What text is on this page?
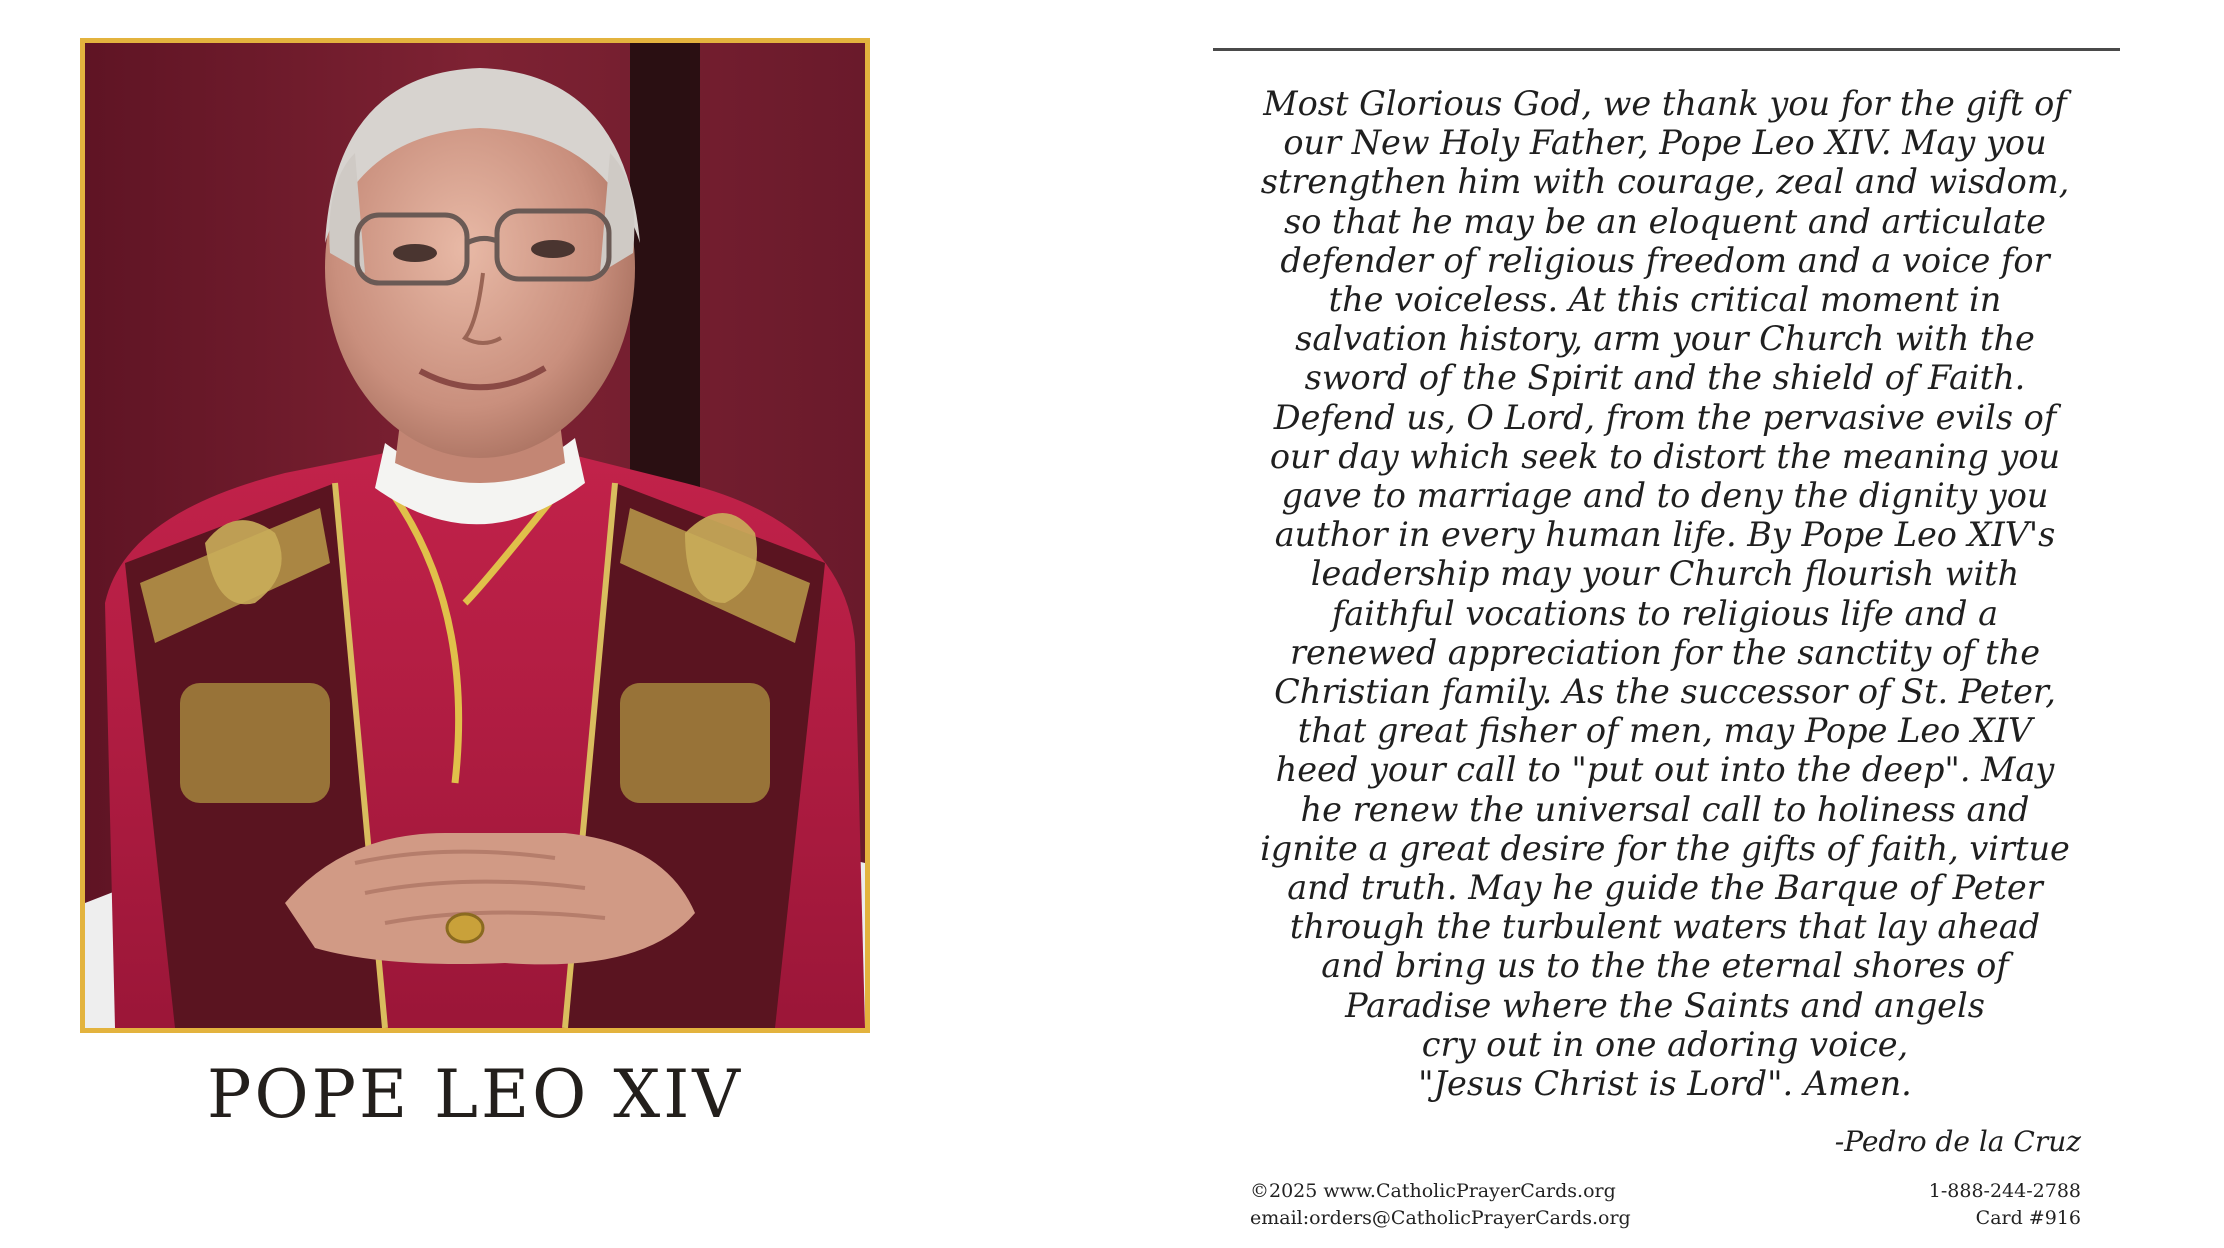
POPE LEO XIV
Most Glorious God, we thank you for the gift of
our New Holy Father, Pope Leo XIV. May you
strengthen him with courage, zeal and wisdom,
so that he may be an eloquent and articulate
defender of religious freedom and a voice for
the voiceless. At this critical moment in
salvation history, arm your Church with the
sword of the Spirit and the shield of Faith.
Defend us, O Lord, from the pervasive evils of
our day which seek to distort the meaning you
gave to marriage and to deny the dignity you
author in every human life. By Pope Leo XIV's
leadership may your Church flourish with
faithful vocations to religious life and a
renewed appreciation for the sanctity of the
Christian family. As the successor of St. Peter,
that great fisher of men, may Pope Leo XIV
heed your call to "put out into the deep". May
he renew the universal call to holiness and
ignite a great desire for the gifts of faith, virtue
and truth. May he guide the Barque of Peter
through the turbulent waters that lay ahead
and bring us to the the eternal shores of
Paradise where the Saints and angels
cry out in one adoring voice,
"Jesus Christ is Lord". Amen.
-Pedro de la Cruz
©2025 www.CatholicPrayerCards.org
email:orders@CatholicPrayerCards.org
1-888-244-2788
Card #916
